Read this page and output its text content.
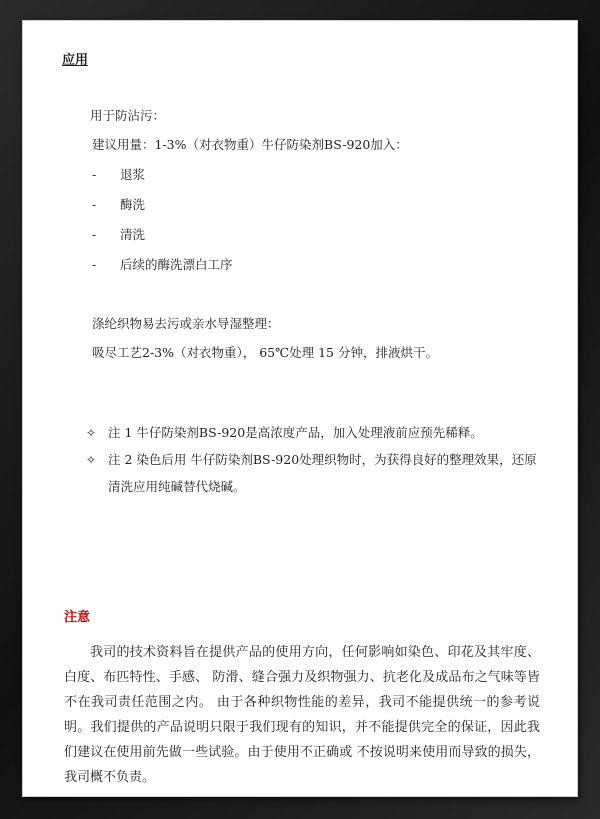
应用
用于防沾污：
建议用量：1-3%（对衣物重）牛仔防染剂BS-920加入：
- 退浆
- 酶洗
- 清洗
- 后续的酶洗漂白工序
涤纶织物易去污或亲水导湿整理：
吸尽工艺2-3%（对衣物重）， 65℃处理 15 分钟，排液烘干。
✧ 注 1 牛仔防染剂BS-920是高浓度产品，加入处理液前应预先稀释。
✧ 注 2 染色后用 牛仔防染剂BS-920处理织物时，为获得良好的整理效果，还原
清洗应用纯碱替代烧碱。
注意
我司的技术资料旨在提供产品的使用方向，任何影响如染色、印花及其牢度、白度、布匹特性、手感、 防滑、缝合强力及织物强力、抗老化及成品布之气味等皆不在我司责任范围之内。 由于各种织物性能的差异，我司不能提供统一的参考说明。我们提供的产品说明只限于我们现有的知识，并不能提供完全的保证，因此我们建议在使用前先做一些试验。由于使用不正确或 不按说明来使用而导致的损失，我司概不负责。
